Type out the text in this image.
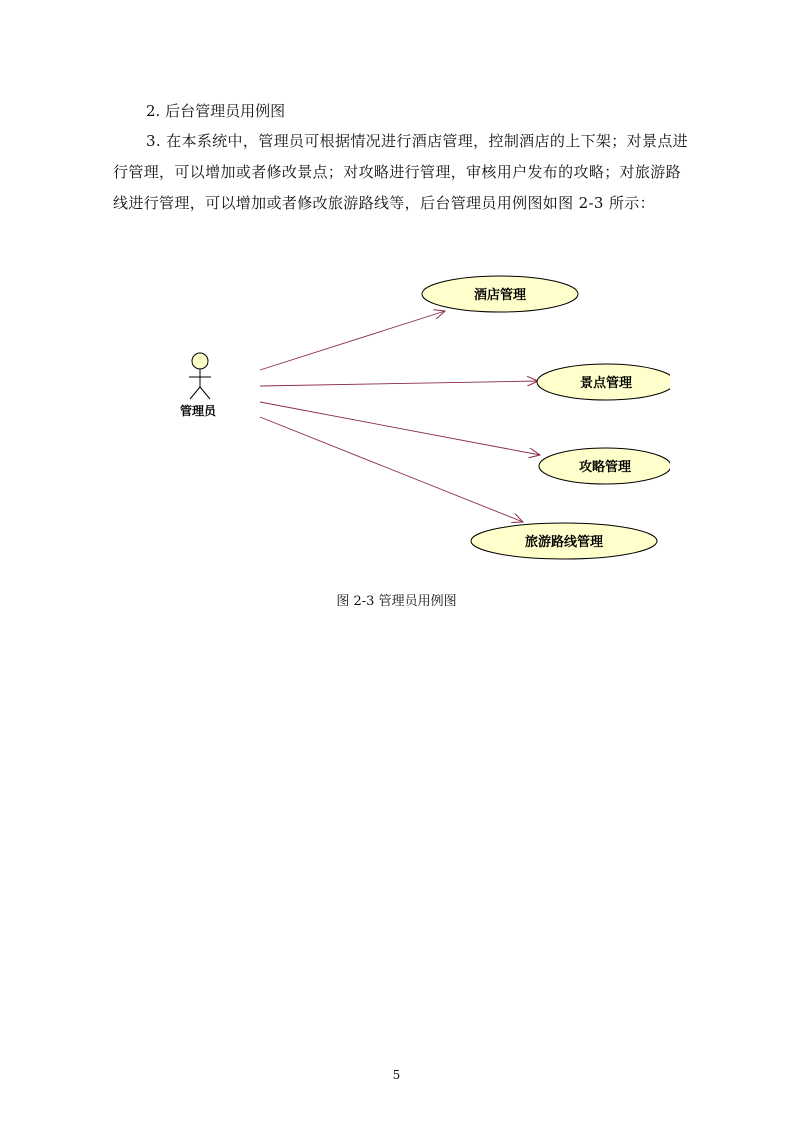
2. 后台管理员用例图

3. 在本系统中，管理员可根据情况进行酒店管理，控制酒店的上下架；对景点进行管理，可以增加或者修改景点；对攻略进行管理，审核用户发布的攻略；对旅游路线进行管理，可以增加或者修改旅游路线等，后台管理员用例图如图 2-3 所示：

管理员
酒店管理
景点管理
攻略管理
旅游路线管理
图 2-3 管理员用例图
5
